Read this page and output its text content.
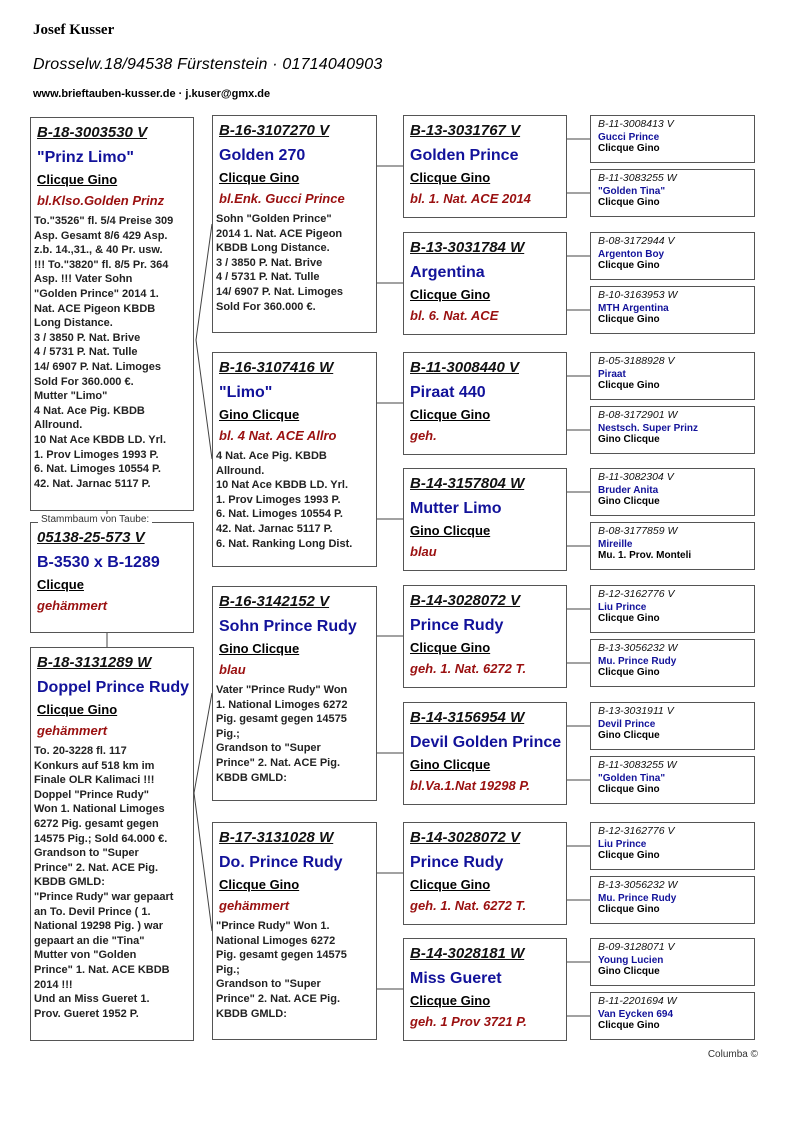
Josef Kusser
Drosselw.18/94538 Fürstenstein · 01714040903
www.brieftauben-kusser.de · j.kuser@gmx.de
B-18-3003530 V
"Prinz Limo"
Clicque Gino
bl.Klso.Golden Prinz
To."3526" fl. 5/4 Preise 309
Asp. Gesamt 8/6 429 Asp.
z.b. 14.,31., & 40 Pr. usw.
!!! To."3820" fl. 8/5 Pr. 364
Asp. !!! Vater Sohn
"Golden Prince" 2014 1.
Nat. ACE Pigeon KBDB
Long Distance.
3 / 3850 P. Nat. Brive
4 / 5731 P. Nat. Tulle
14/ 6907 P. Nat. Limoges
Sold For 360.000 €.
Mutter "Limo"
4 Nat. Ace Pig. KBDB
Allround.
10 Nat Ace KBDB LD. Yrl.
1. Prov Limoges 1993 P.
6. Nat. Limoges 10554 P.
42. Nat. Jarnac 5117 P.
B-18-3131289 W
Doppel Prince Rudy
Clicque Gino
gehämmert
To. 20-3228 fl. 117
Konkurs auf 518 km im
Finale OLR Kalimaci !!!
Doppel "Prince Rudy"
Won 1. National Limoges
6272 Pig. gesamt gegen
14575 Pig.; Sold 64.000 €.
Grandson to "Super
Prince" 2. Nat. ACE Pig.
KBDB GMLD:
"Prince Rudy" war gepaart
an To. Devil Prince ( 1.
National 19298 Pig. ) war
gepaart an die "Tina"
Mutter von "Golden
Prince" 1. Nat. ACE KBDB
2014 !!!
Und an Miss Gueret 1.
Prov. Gueret 1952 P.
05138-25-573 V
B-3530 x B-1289
Clicque
gehämmert
Stammbaum von Taube:
B-16-3107270 V
Golden 270
Clicque Gino
bl.Enk. Gucci Prince
Sohn "Golden Prince"
2014 1. Nat. ACE Pigeon
KBDB Long Distance.
3 / 3850 P. Nat. Brive
4 / 5731 P. Nat. Tulle
14/ 6907 P. Nat. Limoges
Sold For 360.000 €.
B-16-3107416 W
"Limo"
Gino Clicque
bl. 4 Nat. ACE Allro
4 Nat. Ace Pig. KBDB
Allround.
10 Nat Ace KBDB LD. Yrl.
1. Prov Limoges 1993 P.
6. Nat. Limoges 10554 P.
42. Nat. Jarnac 5117 P.
6. Nat. Ranking Long Dist.
B-16-3142152 V
Sohn Prince Rudy
Gino Clicque
blau
Vater "Prince Rudy" Won
1. National Limoges 6272
Pig. gesamt gegen 14575
Pig.;
Grandson to "Super
Prince" 2. Nat. ACE Pig.
KBDB GMLD:
B-17-3131028 W
Do. Prince Rudy
Clicque Gino
gehämmert
"Prince Rudy" Won 1.
National Limoges 6272
Pig. gesamt gegen 14575
Pig.;
Grandson to "Super
Prince" 2. Nat. ACE Pig.
KBDB GMLD:
B-13-3031767 V
Golden Prince
Clicque Gino
bl. 1. Nat. ACE 2014
B-13-3031784 W
Argentina
Clicque Gino
bl. 6. Nat. ACE
B-11-3008440 V
Piraat 440
Clicque Gino
geh.
B-14-3157804 W
Mutter Limo
Gino Clicque
blau
B-14-3028072 V
Prince Rudy
Clicque Gino
geh. 1. Nat. 6272 T.
B-14-3156954 W
Devil Golden Prince
Gino Clicque
bl.Va.1.Nat 19298 P.
B-14-3028072 V
Prince Rudy
Clicque Gino
geh. 1. Nat. 6272 T.
B-14-3028181 W
Miss Gueret
Clicque Gino
geh. 1 Prov 3721 P.
B-11-3008413 V
Gucci Prince
Clicque Gino
B-11-3083255 W
"Golden Tina"
Clicque Gino
B-08-3172944 V
Argenton Boy
Clicque Gino
B-10-3163953 W
MTH Argentina
Clicque Gino
B-05-3188928 V
Piraat
Clicque Gino
B-08-3172901 W
Nestsch. Super Prinz
Gino Clicque
B-11-3082304 V
Bruder Anita
Gino Clicque
B-08-3177859 W
Mireille
Mu. 1. Prov. Monteli
B-12-3162776 V
Liu Prince
Clicque Gino
B-13-3056232 W
Mu. Prince Rudy
Clicque Gino
B-13-3031911 V
Devil Prince
Gino Clicque
B-11-3083255 W
"Golden Tina"
Clicque Gino
B-12-3162776 V
Liu Prince
Clicque Gino
B-13-3056232 W
Mu. Prince Rudy
Clicque Gino
B-09-3128071 V
Young Lucien
Gino Clicque
B-11-2201694 W
Van Eycken 694
Clicque Gino
Columba ©
